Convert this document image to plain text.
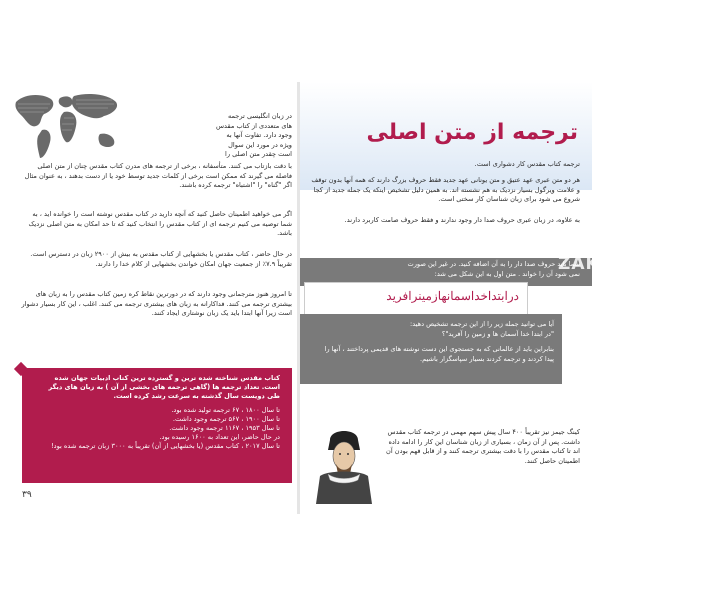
در زبان انگلیسی ترجمه
های متعددی از کتاب مقدس
وجود دارد. تفاوت آنها به
ویژه در مورد این سوال
است چقدر متن اصلی را

با دقت بازتاب می کنند. متأسفانه ، برخی از ترجمه های مدرن کتاب مقدس چنان از متن اصلی فاصله می گیرند که ممکن است برخی از کلمات جدید توسط خود یا از دست بدهند ، به عنوان مثال اگر "گناه" را "اشتباه" ترجمه کرده باشند.

اگر می خواهید اطمینان حاصل کنید که آنچه دارید در کتاب مقدس نوشته است را خوانده اید ، به شما توصیه می کنیم ترجمه ای از کتاب مقدس را انتخاب کنید که تا حد امکان به متن اصلی نزدیک باشد.

در حال حاضر ، کتاب مقدس یا بخشهایی از کتاب مقدس به بیش از ۲۹۰۰ زبان در دسترس است. تقریباً ۷.۹٪ از جمعیت جهان امکان خواندن بخشهایی از کلام خدا را دارند.

تا امروز هنوز مترجمانی وجود دارند که در دورترین نقاط کره زمین کتاب مقدس را به زبان های بیشتری ترجمه می کنند. فداکارانه به زبان های بیشتری ترجمه می کنند. اغلب ، این کار بسیار دشوار است زیرا آنها ابتدا باید یک زبان نوشتاری ایجاد کنند.

کتاب مقدس شناخته شده ترین و گسترده ترین کتاب ادبیات جهان شده است. تعداد ترجمه ها (گاهی ترجمه های بخشی از آن ) به زبان های دیگر طی دویست سال گذشته به سرعت رشد کرده است.
تا سال ۱۸۰۰ ، ۶۷ ترجمه تولید شده بود.
تا سال ۱۹۰۰ ، ۵۶۷ ترجمه وجود داشت.
تا سال ۱۹۵۳ ، ۱۱۶۷ ترجمه وجود داشت.
در حال حاضر، این تعداد به ۱۶۰۰ رسیده بود.
تا سال ۲۰۱۷ ، کتاب مقدس (یا بخشهایی از آن) تقریباً به ۳۰۰۰ زبان ترجمه شده بود!
۳۹
ترجمه از متن اصلی

ترجمه کتاب مقدس کار دشواری است.

هر دو متن عبری عهد عتیق و متن یونانی عهد جدید فقط حروف بزرگ دارند که همه آنها بدون توقف و علامت ویرگول بسیار نزدیک به هم نشسته اند. به همین دلیل تشخیص اینکه یک جمله جدید از کجا شروع می شود برای زبان شناسان کار سختی است.

به علاوه، در زبان عبری حروف صدا دار وجود ندارند و فقط حروف صامت کاربرد دارند.

شما باید حروف صدا دار را به آن اضافه کنید. در غیر این صورت
نمی شود آن را خواند . متن اول به این شکل می شد:
درابتداخداسمانهازمینرافرید
آیا می توانید جمله زیر را از این ترجمه تشخیص دهید:
"در ابتدا خدا آسمان ها و زمین را آفرید"؟
بنابراین باید از عالمانی که به جستجوی این دست نوشته های قدیمی پرداختند ، آنها را پیدا کردند و ترجمه کردند بسیار سپاسگزار باشیم.

کینگ جیمز نیز تقریباً ۴۰۰ سال پیش سهم مهمی در ترجمه کتاب مقدس داشت. پس از آن زمان ، بسیاری از زبان شناسان این کار را ادامه داده اند تا کتاب مقدس را با دقت بیشتری ترجمه کنند و از قابل فهم بودن آن اطمینان حاصل کنند.

ZAKBIJBELBOND
